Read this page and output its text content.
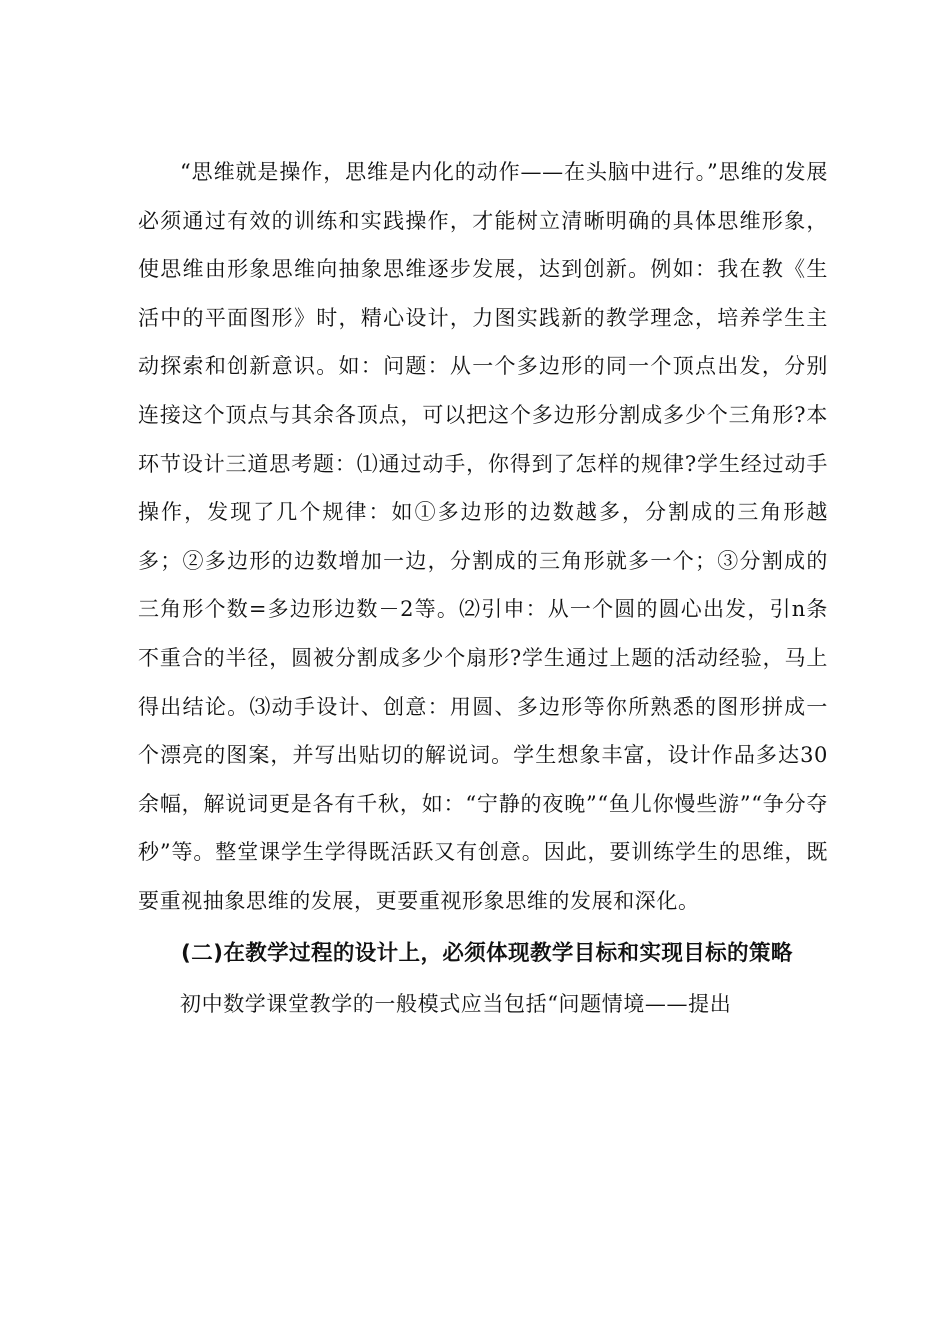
“思维就是操作，思维是内化的动作——在头脑中进行。”思维的发展必须通过有效的训练和实践操作，才能树立清晰明确的具体思维形象，使思维由形象思维向抽象思维逐步发展，达到创新。例如：我在教《生活中的平面图形》时，精心设计，力图实践新的教学理念，培养学生主动探索和创新意识。如：问题：从一个多边形的同一个顶点出发，分别连接这个顶点与其余各顶点，可以把这个多边形分割成多少个三角形?本环节设计三道思考题：⑴通过动手，你得到了怎样的规律?学生经过动手操作，发现了几个规律：如①多边形的边数越多，分割成的三角形越多；②多边形的边数增加一边，分割成的三角形就多一个；③分割成的三角形个数=多边形边数－2等。⑵引申：从一个圆的圆心出发，引n条不重合的半径，圆被分割成多少个扇形?学生通过上题的活动经验，马上得出结论。⑶动手设计、创意：用圆、多边形等你所熟悉的图形拼成一个漂亮的图案，并写出贴切的解说词。学生想象丰富，设计作品多达30余幅，解说词更是各有千秋，如：“宁静的夜晚”“鱼儿你慢些游”“争分夺秒”等。整堂课学生学得既活跃又有创意。因此，要训练学生的思维，既要重视抽象思维的发展，更要重视形象思维的发展和深化。

(二)在教学过程的设计上，必须体现教学目标和实现目标的策略

初中数学课堂教学的一般模式应当包括“问题情境——提出
